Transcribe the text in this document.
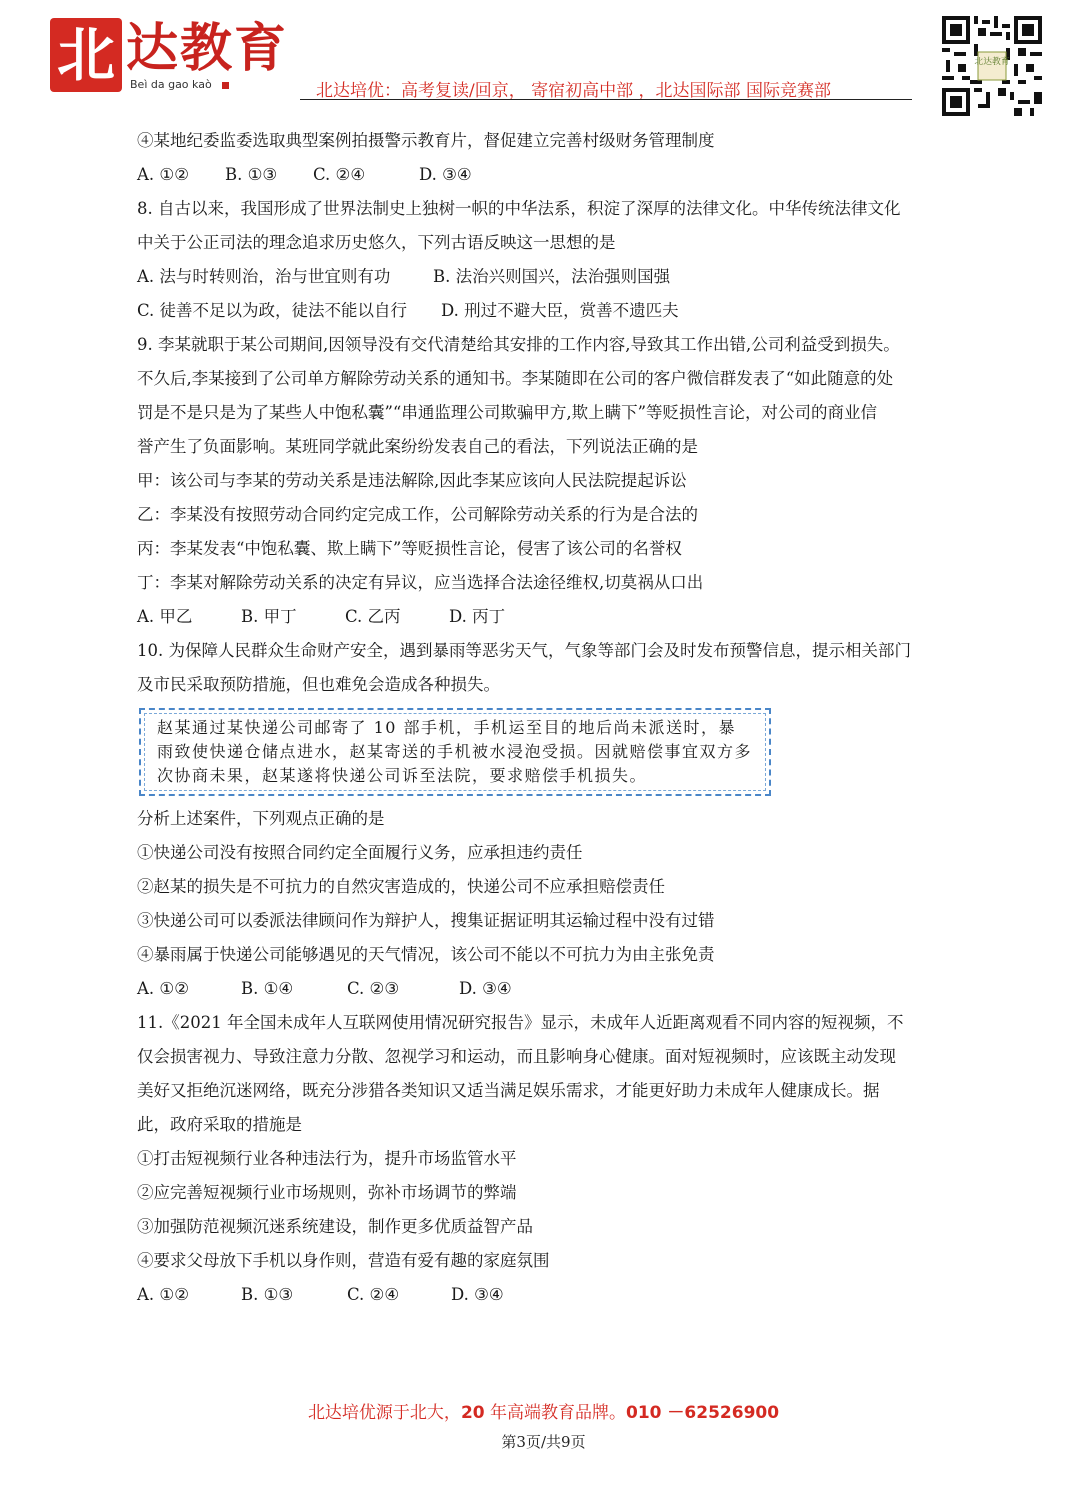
北 达教育
Beì da gao kaò	北达培优：高考复读/回京， 寄宿初高中部 ，北达国际部 国际竞赛部
北达教育
④某地纪委监委选取典型案例拍摄警示教育片，督促建立完善村级财务管理制度
A. ①② B. ①③ C. ②④	D. ③④
8. 自古以来，我国形成了世界法制史上独树一帜的中华法系，积淀了深厚的法律文化。中华传统法律文化
中关于公正司法的理念追求历史悠久，下列古语反映这一思想的是
A. 法与时转则治，治与世宜则有功	B. 法治兴则国兴，法治强则国强
C. 徒善不足以为政，徒法不能以自行 D. 刑过不避大臣，赏善不遗匹夫
9. 李某就职于某公司期间,因领导没有交代清楚给其安排的工作内容,导致其工作出错,公司利益受到损失。
不久后,李某接到了公司单方解除劳动关系的通知书。李某随即在公司的客户微信群发表了“如此随意的处
罚是不是只是为了某些人中饱私囊”“串通监理公司欺骗甲方,欺上瞒下”等贬损性言论，对公司的商业信
誉产生了负面影响。某班同学就此案纷纷发表自己的看法，下列说法正确的是
甲：该公司与李某的劳动关系是违法解除,因此李某应该向人民法院提起诉讼
乙：李某没有按照劳动合同约定完成工作，公司解除劳动关系的行为是合法的
丙：李某发表“中饱私囊、欺上瞒下”等贬损性言论，侵害了该公司的名誉权
丁：李某对解除劳动关系的决定有异议，应当选择合法途径维权,切莫祸从口出
A. 甲乙	B. 甲丁	C. 乙丙	D. 丙丁
10. 为保障人民群众生命财产安全，遇到暴雨等恶劣天气，气象等部门会及时发布预警信息，提示相关部门
及市民采取预防措施，但也难免会造成各种损失。
赵某通过某快递公司邮寄了 10 部手机，手机运至目的地后尚未派送时，暴雨致使快递仓储点进水，赵某寄送的手机被水浸泡受损。因就赔偿事宜双方多次协商未果，赵某遂将快递公司诉至法院，要求赔偿手机损失。
分析上述案件，下列观点正确的是
①快递公司没有按照合同约定全面履行义务，应承担违约责任
②赵某的损失是不可抗力的自然灾害造成的，快递公司不应承担赔偿责任
③快递公司可以委派法律顾问作为辩护人，搜集证据证明其运输过程中没有过错
④暴雨属于快递公司能够遇见的天气情况，该公司不能以不可抗力为由主张免责
A. ①②	B. ①④	C. ②③	D. ③④
11.《2021 年全国未成年人互联网使用情况研究报告》显示，未成年人近距离观看不同内容的短视频，不
仅会损害视力、导致注意力分散、忽视学习和运动，而且影响身心健康。面对短视频时，应该既主动发现
美好又拒绝沉迷网络，既充分涉猎各类知识又适当满足娱乐需求，才能更好助力未成年人健康成长。据
此，政府采取的措施是
①打击短视频行业各种违法行为，提升市场监管水平
②应完善短视频行业市场规则，弥补市场调节的弊端
③加强防范视频沉迷系统建设，制作更多优质益智产品
④要求父母放下手机以身作则，营造有爱有趣的家庭氛围
A. ①②	B. ①③	C. ②④	D. ③④
北达培优源于北大，20 年高端教育品牌。010 －62526900
第3页/共9页
